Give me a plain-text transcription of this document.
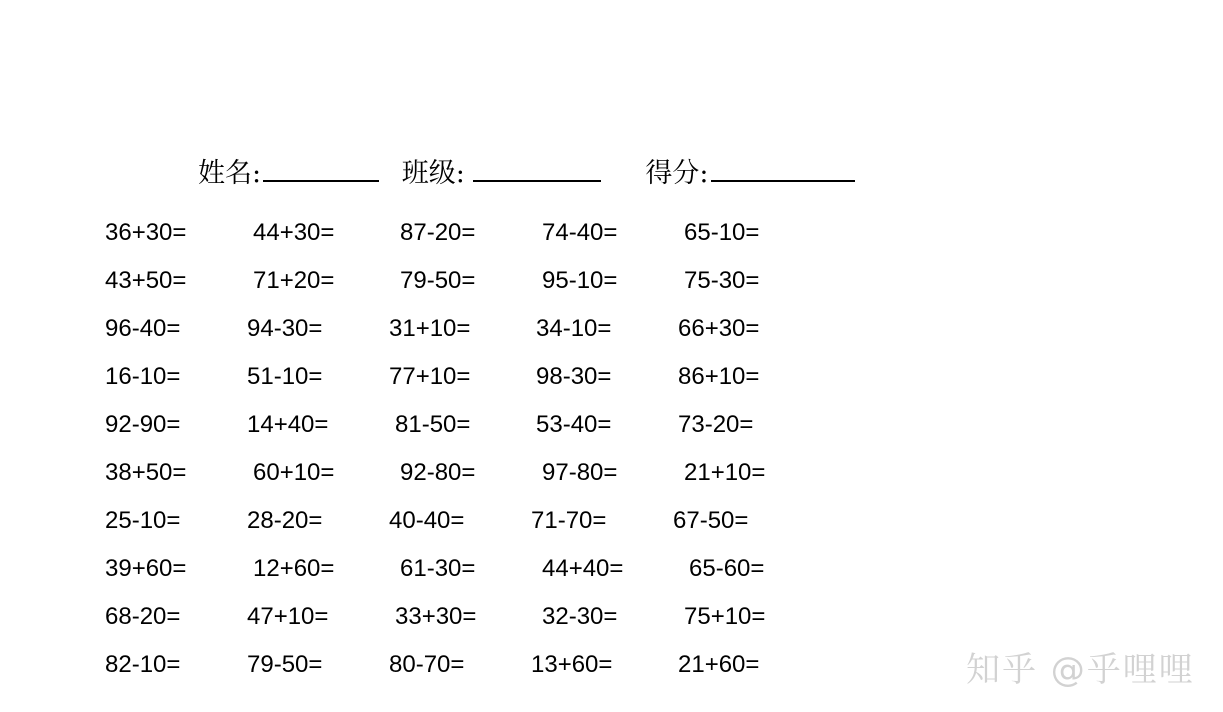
姓名:	班级:	得分:
36+30=	44+30=	87-20=	74-40=	65-10=
43+50=	71+20=	79-50=	95-10=	75-30=
96-40=	94-30=	31+10=	34-10=	66+30=
16-10=	51-10=	77+10=	98-30=	86+10=
92-90=	14+40=	81-50=	53-40=	73-20=
38+50=	60+10=	92-80=	97-80=	21+10=
25-10=	28-20=	40-40=	71-70=	67-50=
39+60=	12+60=	61-30=	44+40=	65-60=
68-20=	47+10=	33+30=	32-30=	75+10=
82-10=	79-50=	80-70=	13+60=	21+60=	知乎 @乎哩哩
